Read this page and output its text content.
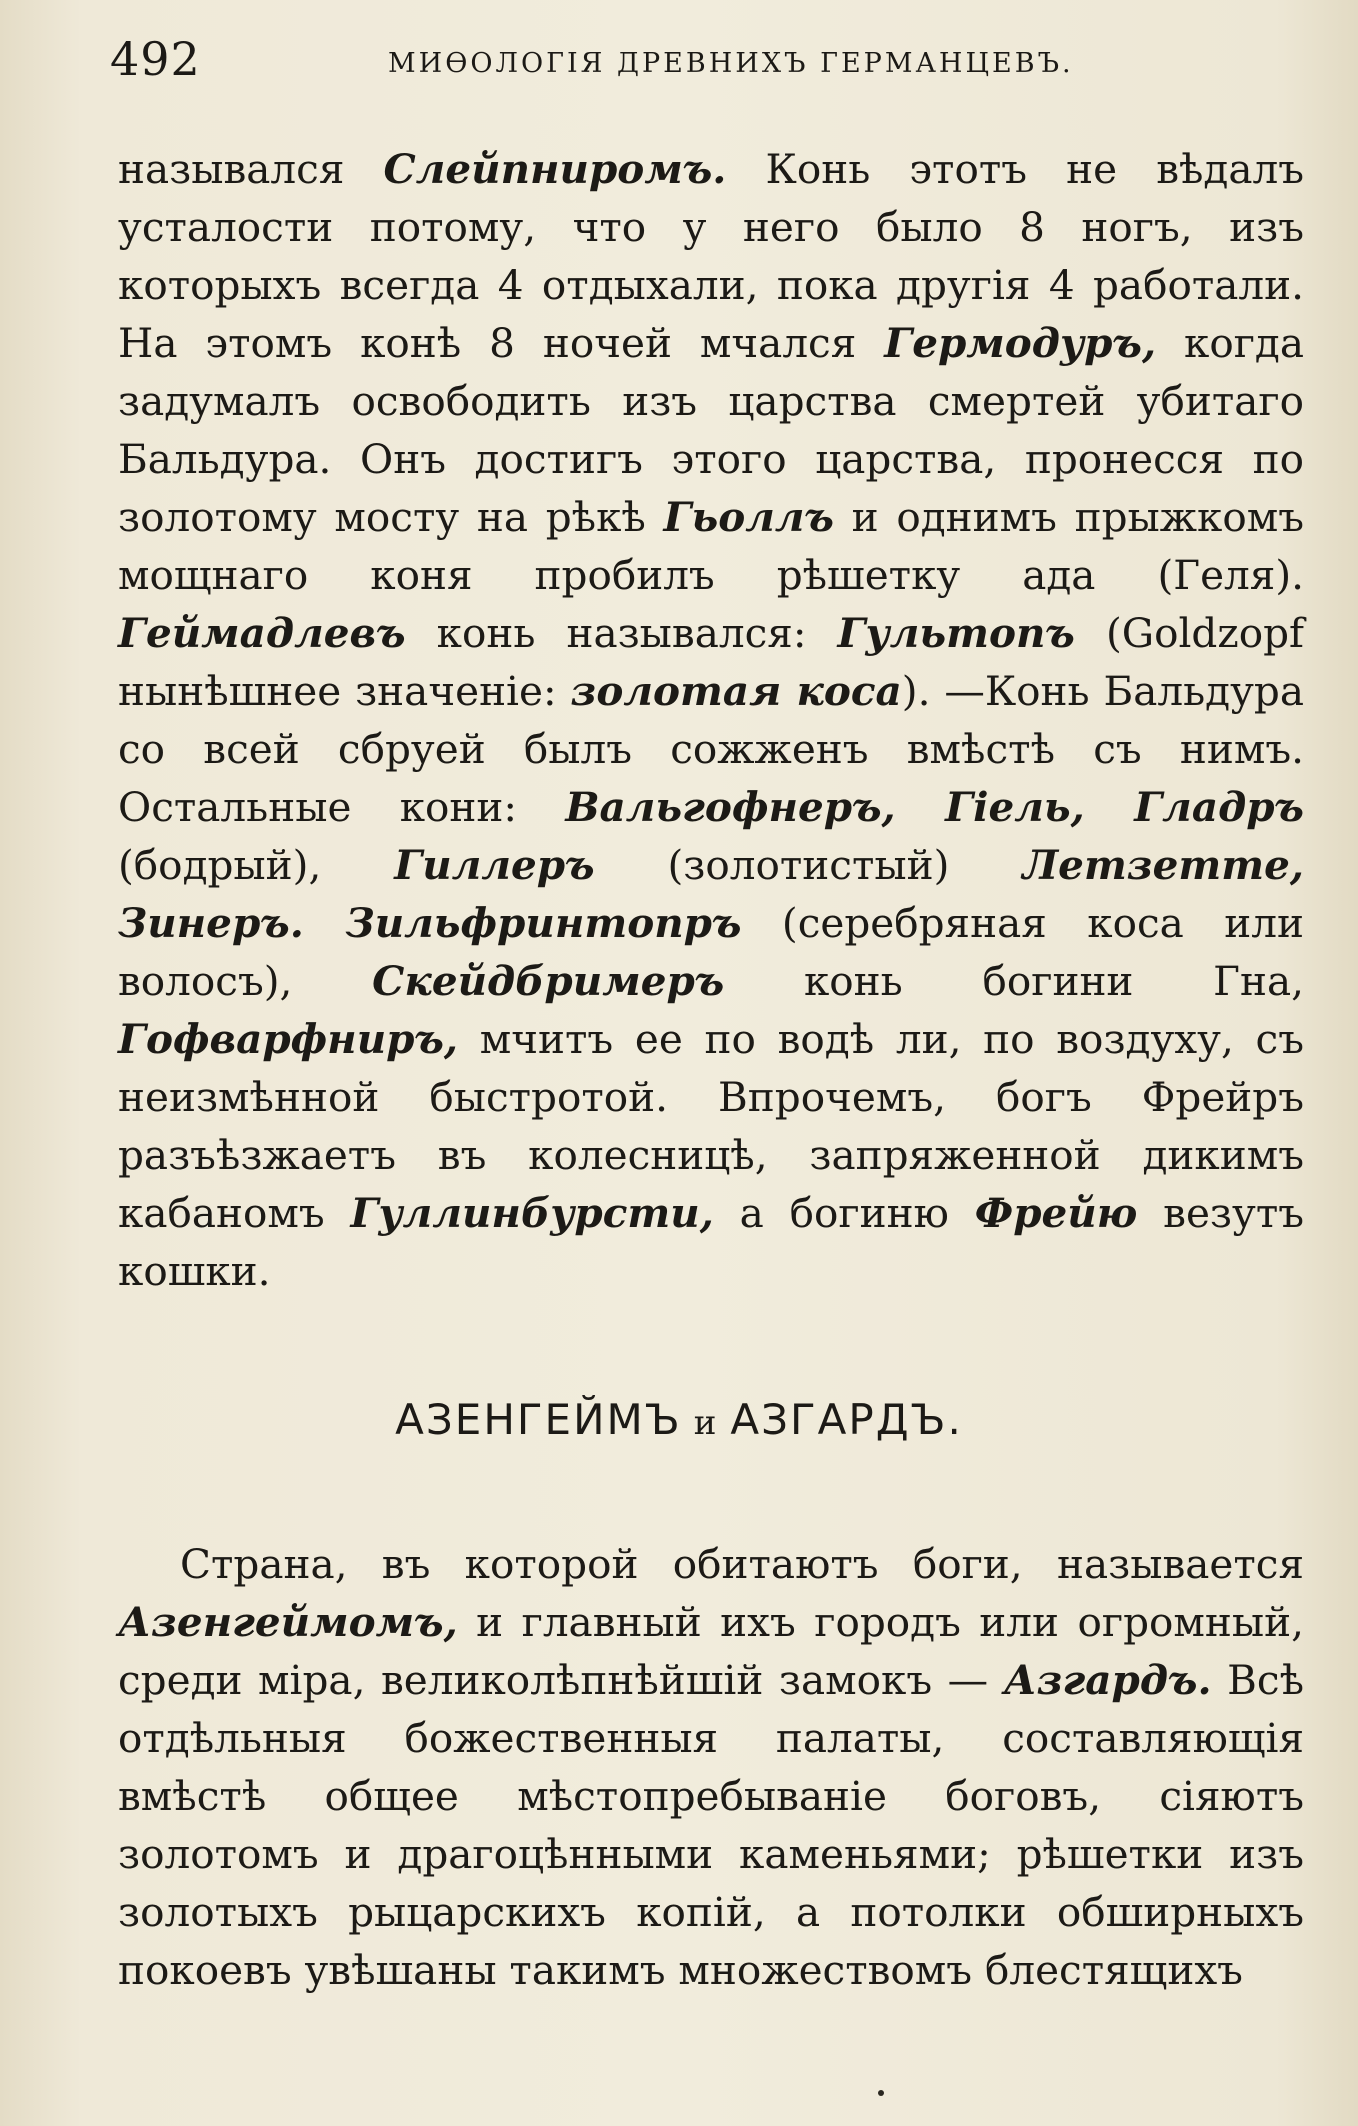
492	МИѲОЛОГІЯ ДРЕВНИХЪ ГЕРМАНЦЕВЪ.

назывался Слейпниромъ. Конь этотъ не вѣдалъ усталости потому, что у него было 8 ногъ, изъ которыхъ всегда 4 отдыхали, пока другія 4 работали. На этомъ конѣ 8 ночей мчался Гермодуръ, когда задумалъ освободить изъ царства смертей убитаго Бальдура. Онъ достигъ этого царства, пронесся по золотому мосту на рѣкѣ Гьоллъ и однимъ прыжкомъ мощнаго коня пробилъ рѣшетку ада (Геля). Геймадлевъ конь назывался: Гультопъ (Goldzopf нынѣшнее значеніе: золотая коса). —Конь Бальдура со всей сбруей былъ сожженъ вмѣстѣ съ нимъ. Остальные кони: Вальгофнеръ, Гіель, Гладръ (бодрый), Гиллеръ (золотистый) Летзетте, Зинеръ. Зильфринтопръ (серебряная коса или волосъ), Скейдбримеръ конь богини Гна, Гофварфниръ, мчитъ ее по водѣ ли, по воздуху, съ неизмѣнной быстротой. Впрочемъ, богъ Фрейръ разъѣзжаетъ въ колесницѣ, запряженной дикимъ кабаномъ Гуллинбурсти, а богиню Фрейю везутъ кошки.

АЗЕНГЕЙМЪ и АЗГАРДЪ.

Страна, въ которой обитаютъ боги, называется Азенгеймомъ, и главный ихъ городъ или огромный, среди міра, великолѣпнѣйшій замокъ — Азгардъ. Всѣ отдѣльныя божественныя палаты, составляющія вмѣстѣ общее мѣстопребываніе боговъ, сіяютъ золотомъ и драгоцѣнными каменьями; рѣшетки изъ золотыхъ рыцарскихъ копій, а потолки обширныхъ покоевъ увѣшаны такимъ множествомъ блестящихъ
